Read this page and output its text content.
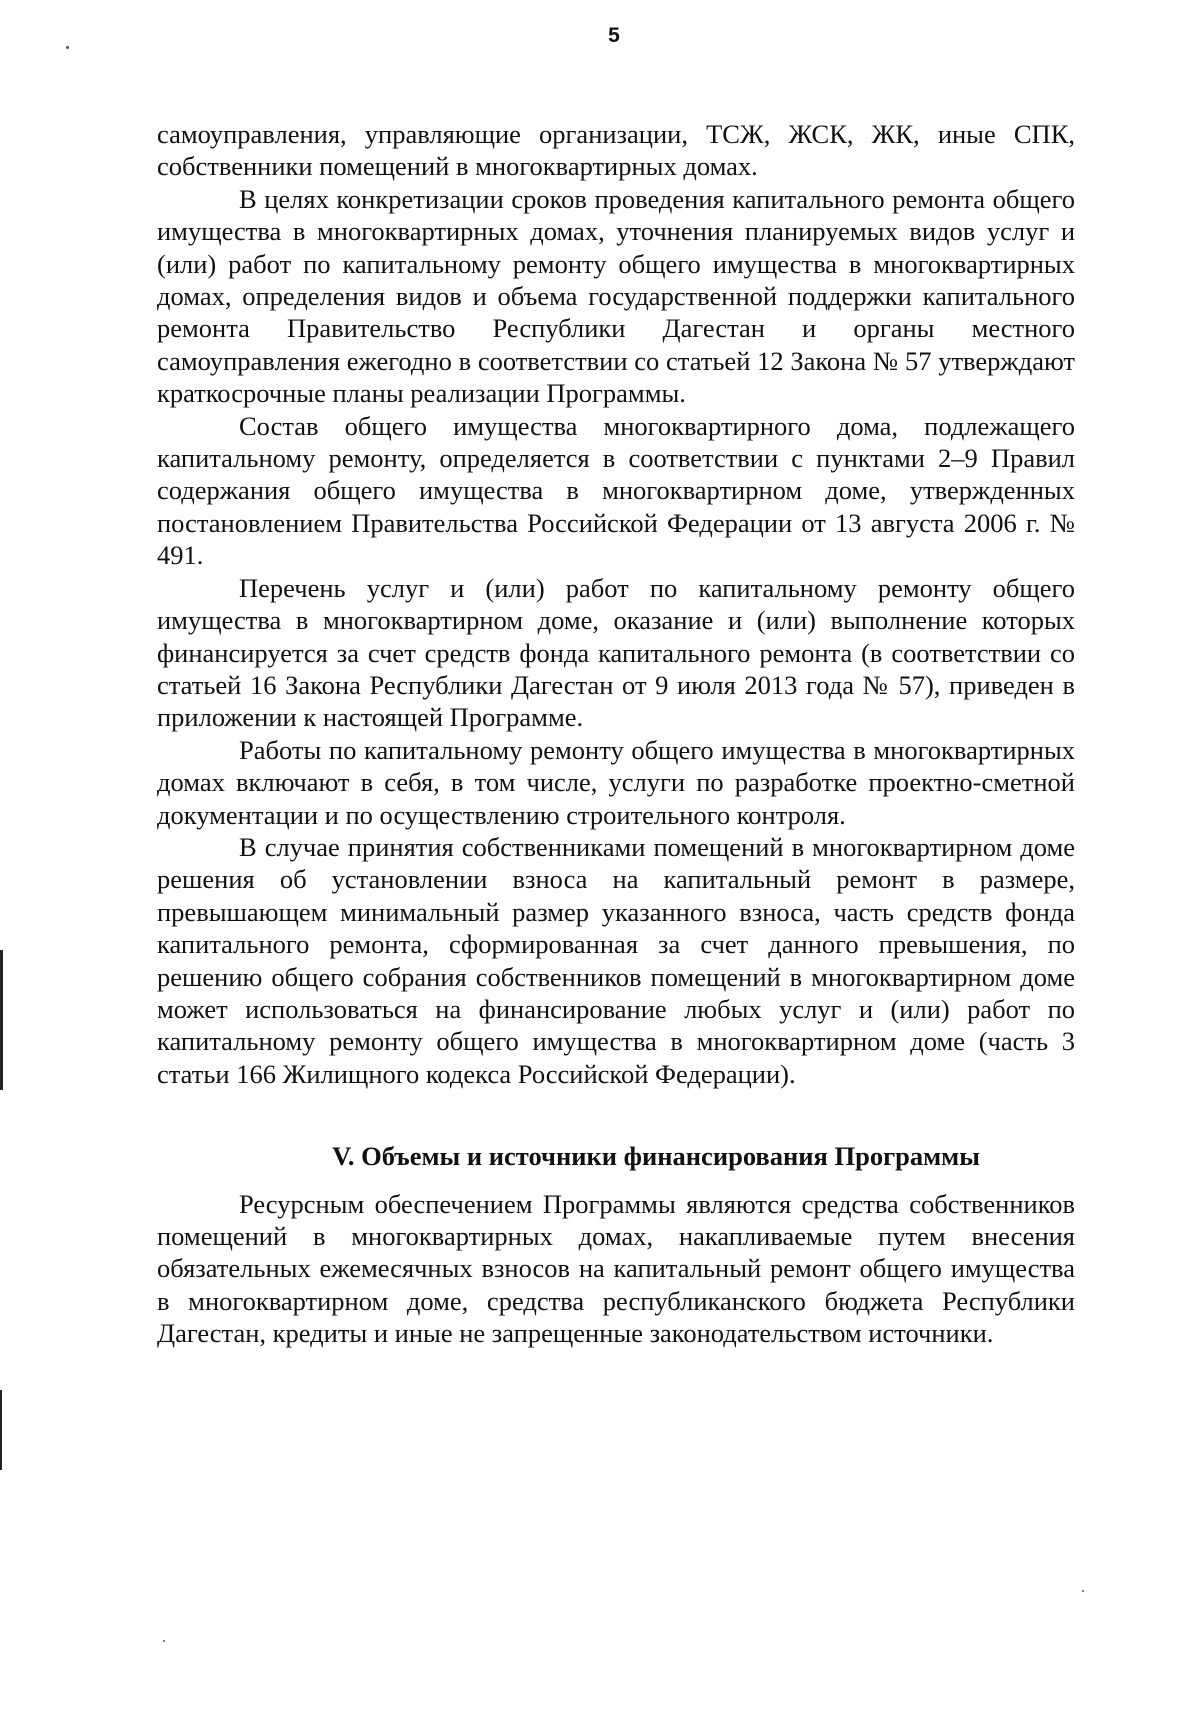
5

самоуправления, управляющие организации, ТСЖ, ЖСК, ЖК, иные СПК, собственники помещений в многоквартирных домах.

В целях конкретизации сроков проведения капитального ремонта общего имущества в многоквартирных домах, уточнения планируемых видов услуг и (или) работ по капитальному ремонту общего имущества в многоквартирных домах, определения видов и объема государственной поддержки капитального ремонта Правительство Республики Дагестан и органы местного самоуправления ежегодно в соответствии со статьей 12 Закона № 57 утверждают краткосрочные планы реализации Программы.

Состав общего имущества многоквартирного дома, подлежащего капитальному ремонту, определяется в соответствии с пунктами 2–9 Правил содержания общего имущества в многоквартирном доме, утвержденных постановлением Правительства Российской Федерации от 13 августа 2006 г. № 491.

Перечень услуг и (или) работ по капитальному ремонту общего имущества в многоквартирном доме, оказание и (или) выполнение которых финансируется за счет средств фонда капитального ремонта (в соответствии со статьей 16 Закона Республики Дагестан от 9 июля 2013 года № 57), приведен в приложении к настоящей Программе.

Работы по капитальному ремонту общего имущества в многоквартирных домах включают в себя, в том числе, услуги по разработке проектно-сметной документации и по осуществлению строительного контроля.

В случае принятия собственниками помещений в многоквартирном доме решения об установлении взноса на капитальный ремонт в размере, превышающем минимальный размер указанного взноса, часть средств фонда капитального ремонта, сформированная за счет данного превышения, по решению общего собрания собственников помещений в многоквартирном доме может использоваться на финансирование любых услуг и (или) работ по капитальному ремонту общего имущества в многоквартирном доме (часть 3 статьи 166 Жилищного кодекса Российской Федерации).

V. Объемы и источники финансирования Программы

Ресурсным обеспечением Программы являются средства собственников помещений в многоквартирных домах, накапливаемые путем внесения обязательных ежемесячных взносов на капитальный ремонт общего имущества в многоквартирном доме, средства республиканского бюджета Республики Дагестан, кредиты и иные не запрещенные законодательством источники.
